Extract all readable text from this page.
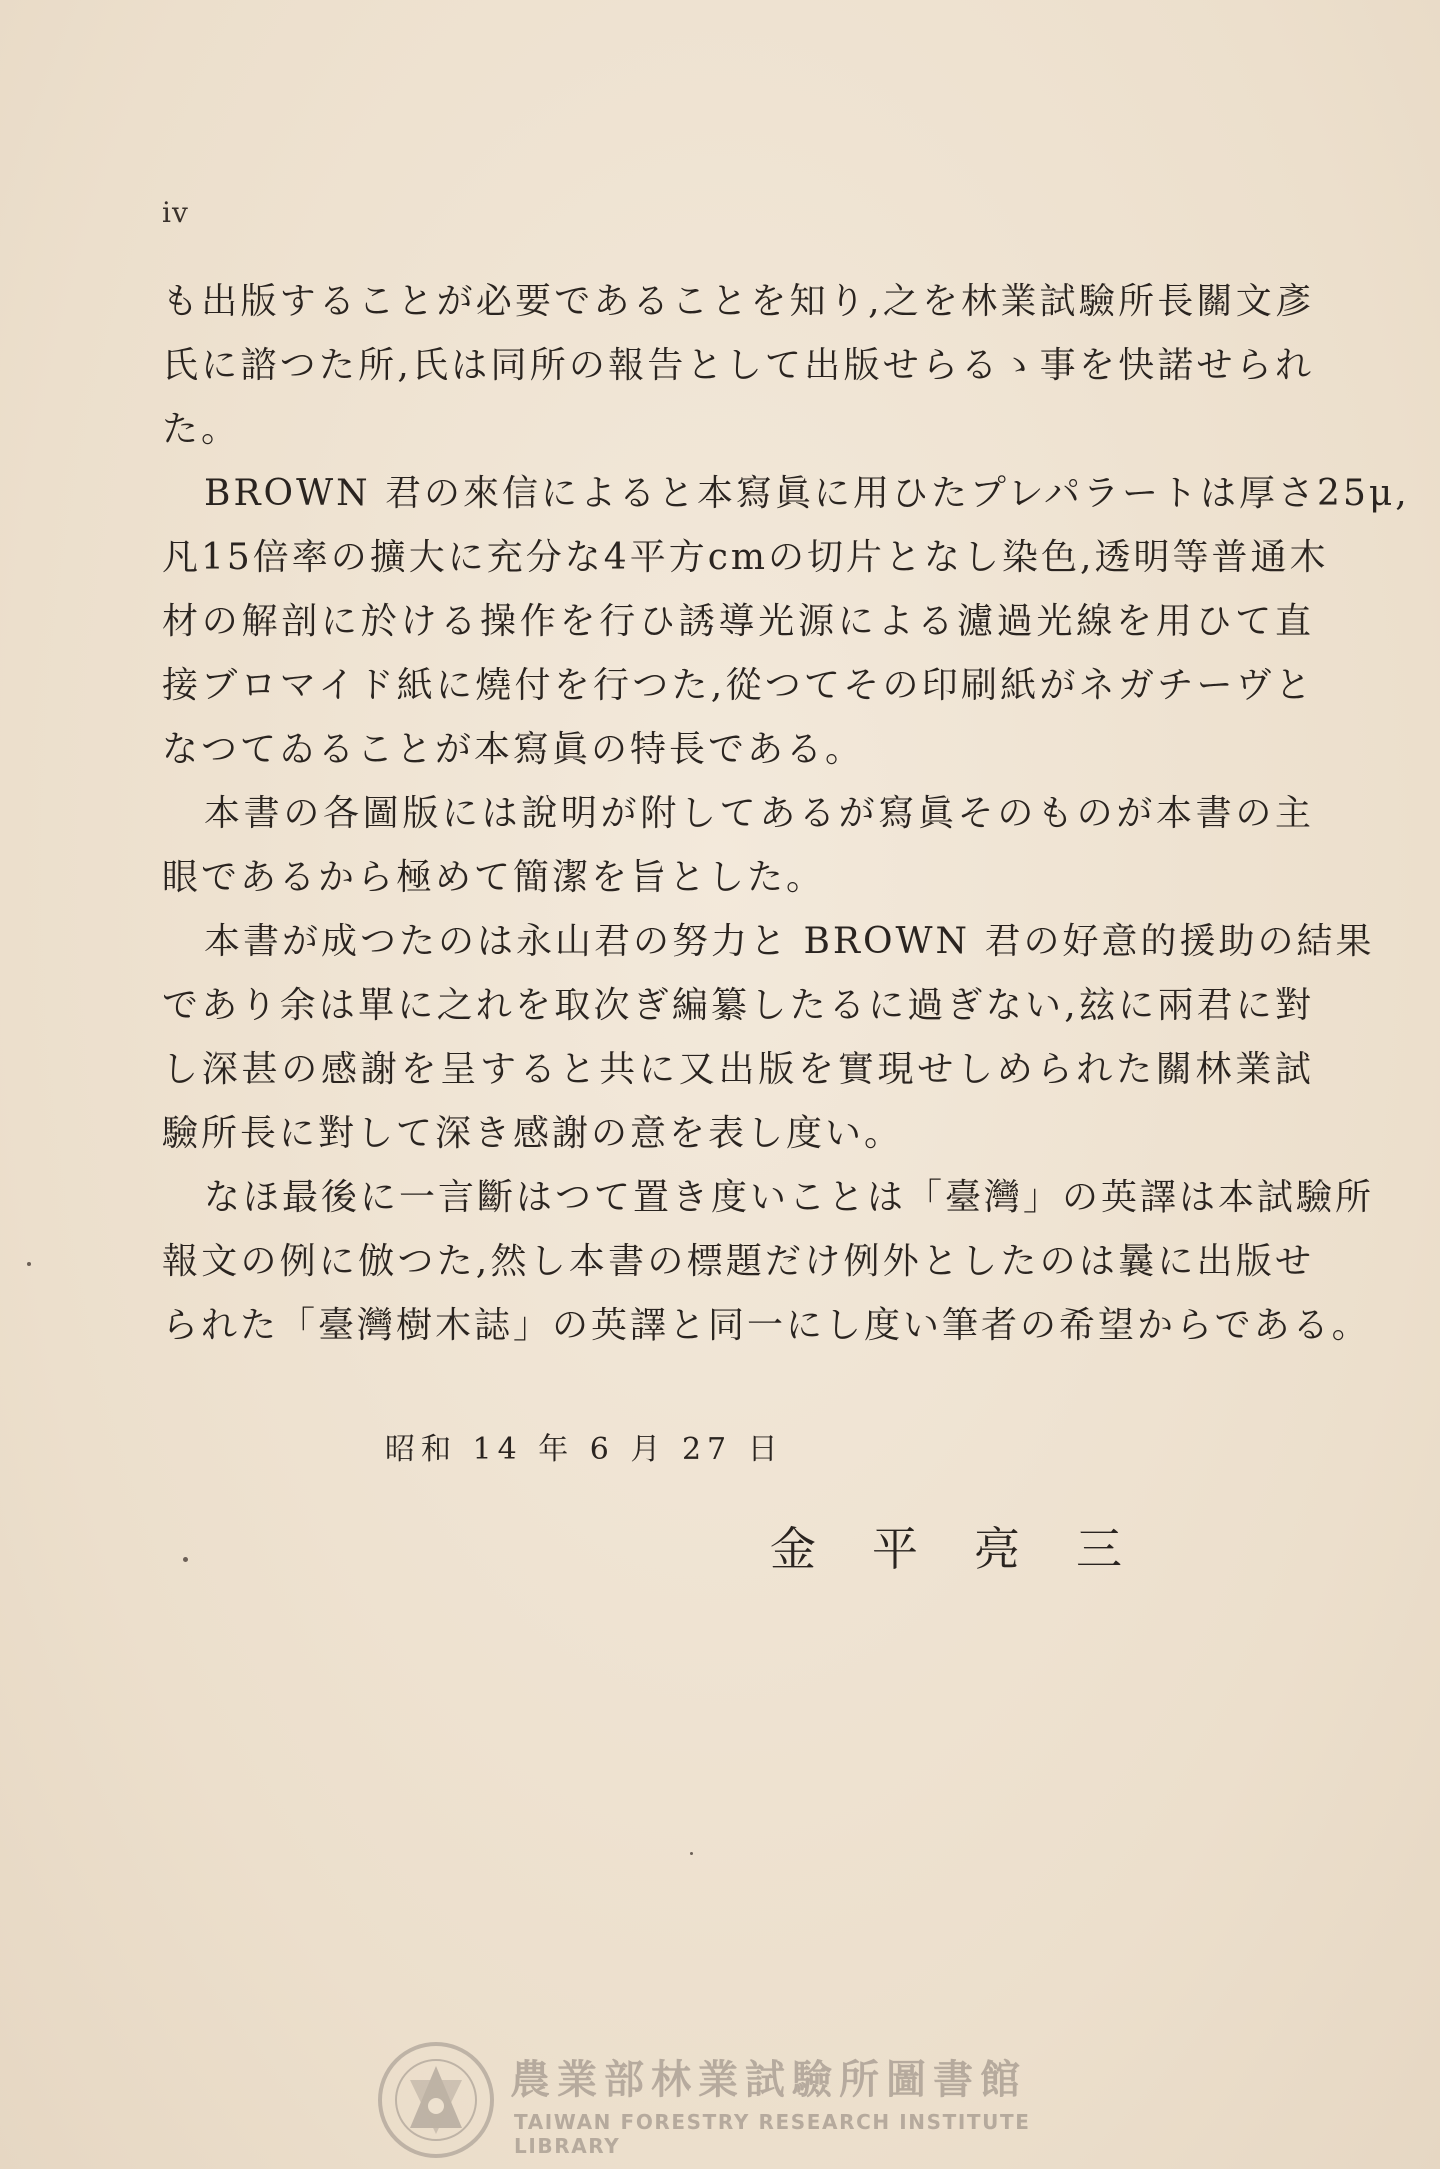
iv
も出版することが必要であることを知り,之を林業試驗所長關文彥
氏に諮つた所,氏は同所の報告として出版せらるゝ事を快諾せられ
た。
BROWN 君の來信によると本寫眞に用ひたプレパラートは厚さ25μ,
凡15倍率の擴大に充分な4平方cmの切片となし染色,透明等普通木
材の解剖に於ける操作を行ひ誘導光源による濾過光線を用ひて直
接ブロマイド紙に燒付を行つた,從つてその印刷紙がネガチーヴと
なつてゐることが本寫眞の特長である。
本書の各圖版には說明が附してあるが寫眞そのものが本書の主
眼であるから極めて簡潔を旨とした。
本書が成つたのは永山君の努力と BROWN 君の好意的援助の結果
であり余は單に之れを取次ぎ編纂したるに過ぎない,玆に兩君に對
し深甚の感謝を呈すると共に又出版を實現せしめられた關林業試
驗所長に對して深き感謝の意を表し度い。
なほ最後に一言斷はつて置き度いことは「臺灣」の英譯は本試驗所
報文の例に倣つた,然し本書の標題だけ例外としたのは曩に出版せ
られた「臺灣樹木誌」の英譯と同一にし度い筆者の希望からである。
昭和 14 年 6 月 27 日
金平亮三
農業部林業試驗所圖書館
TAIWAN FORESTRY RESEARCH INSTITUTE LIBRARY
